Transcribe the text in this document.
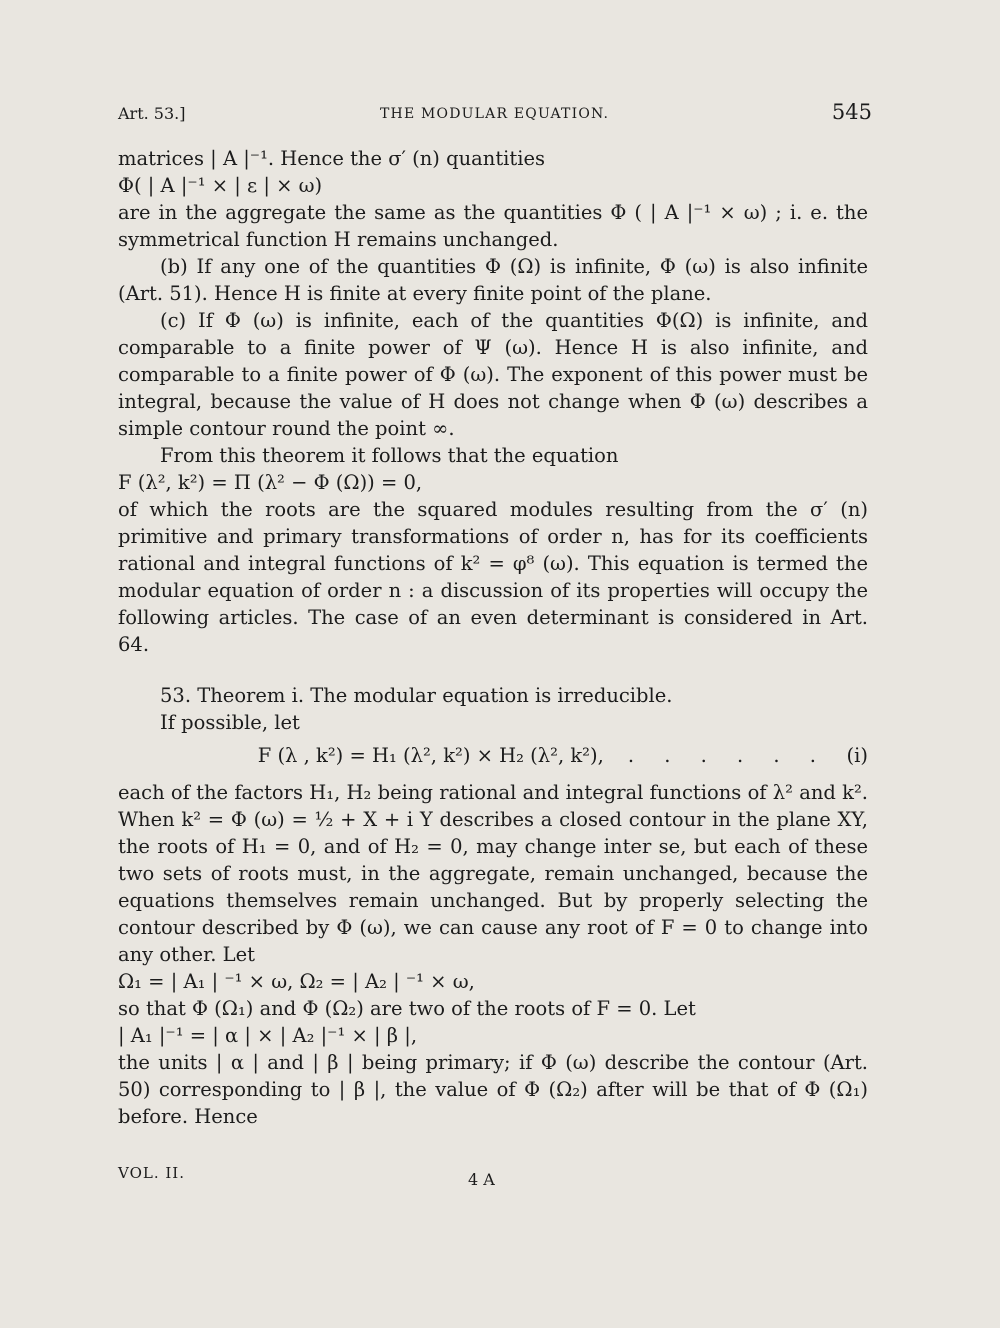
Art. 53.]	THE MODULAR EQUATION.	545

matrices | A |⁻¹. Hence the σ′ (n) quantities

Φ( | A |⁻¹ × | ε | × ω)

are in the aggregate the same as the quantities Φ ( | A |⁻¹ × ω) ; i. e. the symmetrical function H remains unchanged.

(b) If any one of the quantities Φ (Ω) is infinite, Φ (ω) is also infinite (Art. 51). Hence H is finite at every finite point of the plane.

(c) If Φ (ω) is infinite, each of the quantities Φ(Ω) is infinite, and comparable to a finite power of Ψ (ω). Hence H is also infinite, and comparable to a finite power of Φ (ω). The exponent of this power must be integral, because the value of H does not change when Φ (ω) describes a simple contour round the point ∞.

From this theorem it follows that the equation

F (λ², k²) = Π (λ² − Φ (Ω)) = 0,

of which the roots are the squared modules resulting from the σ′ (n) primitive and primary transformations of order n, has for its coefficients rational and integral functions of k² = φ⁸ (ω). This equation is termed the modular equation of order n : a discussion of its properties will occupy the following articles. The case of an even determinant is considered in Art. 64.

53. Theorem i. The modular equation is irreducible.

If possible, let

F (λ , k²) = H₁ (λ², k²) × H₂ (λ², k²),	. . . . . . (i)

each of the factors H₁, H₂ being rational and integral functions of λ² and k². When k² = Φ (ω) = ½ + X + i Y describes a closed contour in the plane XY, the roots of H₁ = 0, and of H₂ = 0, may change inter se, but each of these two sets of roots must, in the aggregate, remain unchanged, because the equations themselves remain unchanged. But by properly selecting the contour described by Φ (ω), we can cause any root of F = 0 to change into any other. Let

Ω₁ = | A₁ | ⁻¹ × ω, Ω₂ = | A₂ | ⁻¹ × ω,

so that Φ (Ω₁) and Φ (Ω₂) are two of the roots of F = 0. Let

| A₁ |⁻¹ = | α | × | A₂ |⁻¹ × | β |,

the units | α | and | β | being primary; if Φ (ω) describe the contour (Art. 50) corresponding to | β |, the value of Φ (Ω₂) after will be that of Φ (Ω₁) before. Hence

VOL. II.	4 A
